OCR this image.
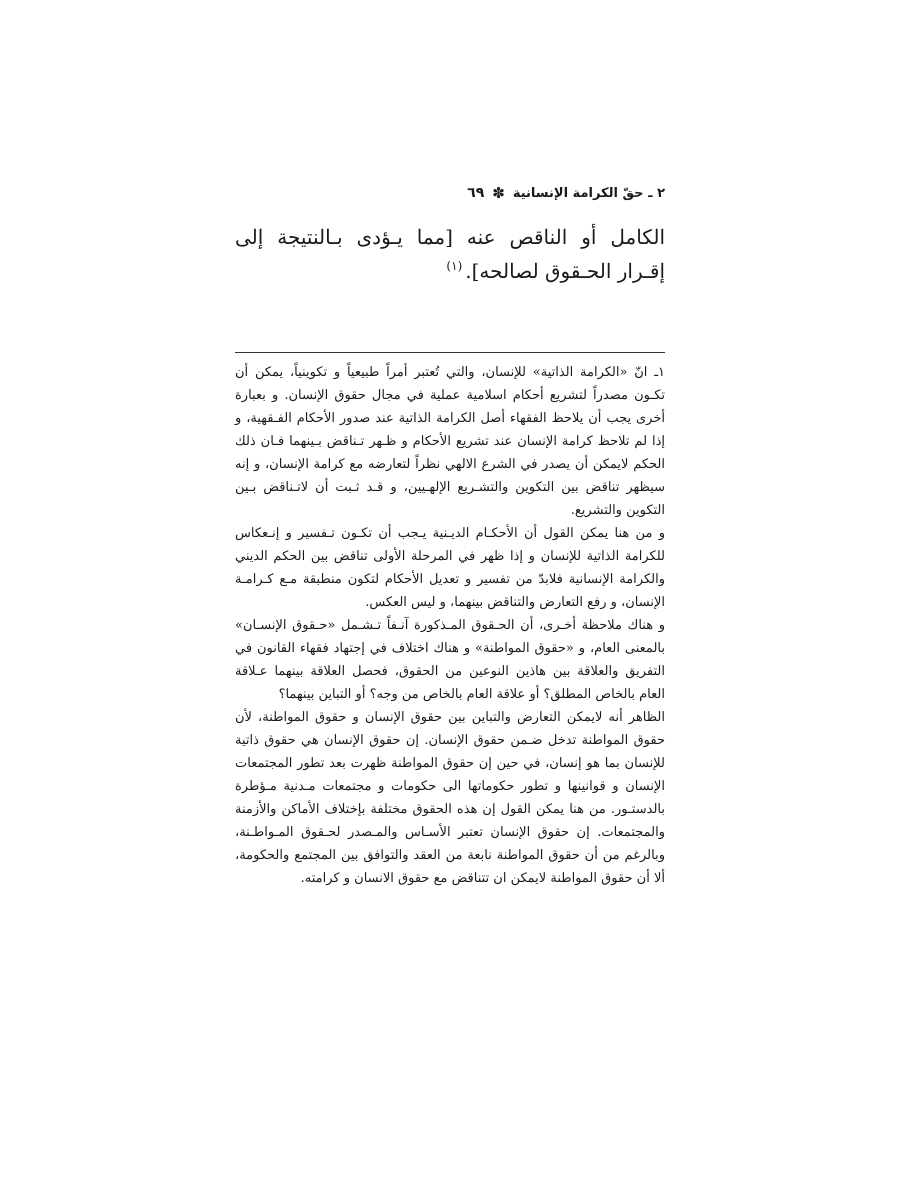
٢ ـ حقّ الكرامة الإنسانية
✽
٦٩

الكامل أو الناقص عنه [مما يـؤدى بـالنتيجة إلى إقـرار الحـقوق لصالحه].$^{(١)}$

١ـ انّ «الكرامة الذاتية» للإنسان، والتي تُعتبر أمراً طبيعياً و تكوينياً، يمكن أن تكـون مصدراً لتشريع أحكام اسلامية عملية في مجال حقوق الإنسان. و بعبارة أخرى يجب أن يلاحظ الفقهاء أصل الكرامة الذاتية عند صدور الأحكام الفـقهية، و إذا لم تلاحظ كرامة الإنسان عند تشريع الأحكام و ظـهر تـناقض بـينهما فـان ذلك الحكم لايمكن أن يصدر في الشرع الالهي نظراً لتعارضه مع كرامة الإنسان، و إنه سيظهر تناقض بين التكوين والتشـريع الإلهـيين، و قـد ثـبت أن لاتـناقض بـين التكوين والتشريع.

و من هنا يمكن القول أن الأحكـام الديـنية يـجب أن تكـون تـفسير و إنـعكاس للكرامة الذاتية للإنسان و إذا ظهر في المرحلة الأولى تناقض بين الحكم الديني والكرامة الإنسانية فلابدّ من تفسير و تعديل الأحكام لتكون منطبقة مـع كـرامـة الإنسان، و رفع التعارض والتناقض بينهما، و ليس العكس.

و هناك ملاحظة أخـرى، أن الحـقوق المـذكورة آنـفاً تـشـمل «حـقوق الإنسـان» بالمعنى العام، و «حقوق المواطنة» و هناك اختلاف في إجتهاد فقهاء القانون في التفريق والعلاقة بين هاذين النوعين من الحقوق، فحصل العلاقة بينهما عـلاقة العام بالخاص المطلق؟ أو علاقة العام بالخاص من وجه؟ أو التباين بينهما؟

الظاهر أنه لايمكن التعارض والتباين بين حقوق الإنسان و حقوق المواطنة، لأن حقوق المواطنة تدخل ضـمن حقوق الإنسان. إن حقوق الإنسان هي حقوق ذاتية للإنسان بما هو إنسان، في حين إن حقوق المواطنة ظهرت بعد تطور المجتمعات الإنسان و قوانينها و تطور حكوماتها الى حكومات و مجتمعات مـدنية مـؤطرة بالدستـور. من هنا يمكن القول إن هذه الحقوق مختلفة بإختلاف الأماكن والأزمنة والمجتمعات. إن حقوق الإنسان تعتبر الأسـاس والمـصدر لحـقوق المـواطـنة، وبالرغم من أن حقوق المواطنة نابعة من العقد والتوافق بين المجتمع والحكومة، ألا أن حقوق المواطنة لايمكن ان تتناقض مع حقوق الانسان و كرامته.
